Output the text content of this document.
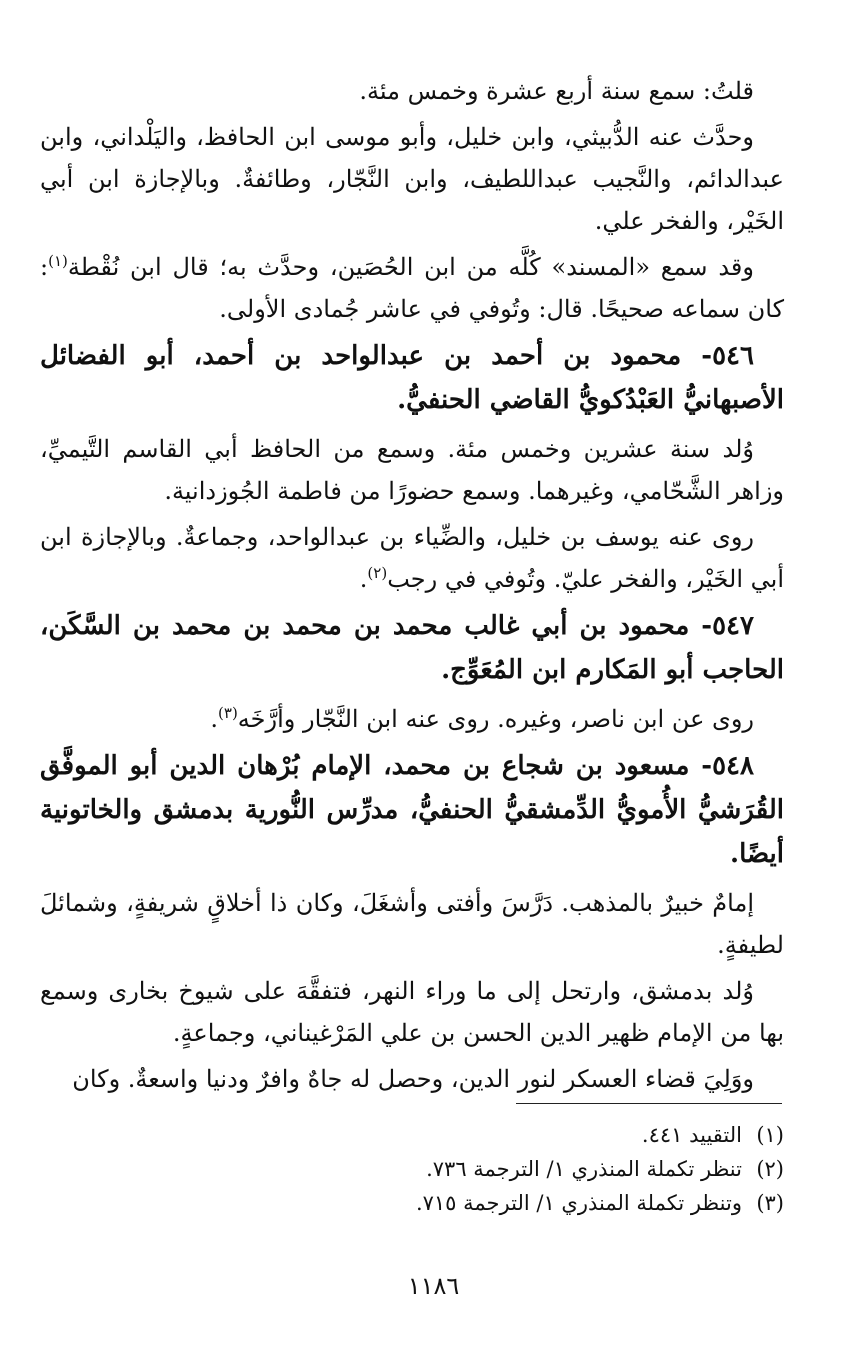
قلتُ: سمع سنة أربع عشرة وخمس مئة.

وحدَّث عنه الدُّبيثي، وابن خليل، وأبو موسى ابن الحافظ، واليَلْداني، وابن عبدالدائم، والنَّجيب عبداللطيف، وابن النَّجّار، وطائفةٌ. وبالإجازة ابن أبي الخَيْر، والفخر علي.

وقد سمع «المسند» كُلَّه من ابن الحُصَين، وحدَّث به؛ قال ابن نُقْطة$^{(١)}$: كان سماعه صحيحًا. قال: وتُوفي في عاشر جُمادى الأولى.

٥٤٦- محمود بن أحمد بن عبدالواحد بن أحمد، أبو الفضائل الأصبهانيُّ العَبْدُكويُّ القاضي الحنفيُّ.

وُلد سنة عشرين وخمس مئة. وسمع من الحافظ أبي القاسم التَّيميِّ، وزاهر الشَّحّامي، وغيرهما. وسمع حضورًا من فاطمة الجُوزدانية.

روى عنه يوسف بن خليل، والضِّياء بن عبدالواحد، وجماعةٌ. وبالإجازة ابن أبي الخَيْر، والفخر عليّ. وتُوفي في رجب$^{(٢)}$.

٥٤٧- محمود بن أبي غالب محمد بن محمد بن محمد بن السَّكَن، الحاجب أبو المَكارم ابن المُعَوِّج.

روى عن ابن ناصر، وغيره. روى عنه ابن النَّجّار وأرَّخَه$^{(٣)}$.

٥٤٨- مسعود بن شجاع بن محمد، الإمام بُرْهان الدين أبو الموفَّق القُرَشيُّ الأُمويُّ الدِّمشقيُّ الحنفيُّ، مدرِّس النُّورية بدمشق والخاتونية أيضًا.

إمامٌ خبيرٌ بالمذهب. دَرَّسَ وأفتى وأشغَلَ، وكان ذا أخلاقٍ شريفةٍ، وشمائلَ لطيفةٍ.

وُلد بدمشق، وارتحل إلى ما وراء النهر، فتفقَّهَ على شيوخ بخارى وسمع بها من الإمام ظهير الدين الحسن بن علي المَرْغيناني، وجماعةٍ.

ووَلِيَ قضاء العسكر لنور الدين، وحصل له جاهٌ وافرٌ ودنيا واسعةٌ. وكان

(١)التقييد ٤٤١.

(٢)تنظر تكملة المنذري ١/ الترجمة ٧٣٦.

(٣)وتنظر تكملة المنذري ١/ الترجمة ٧١٥.

١١٨٦
